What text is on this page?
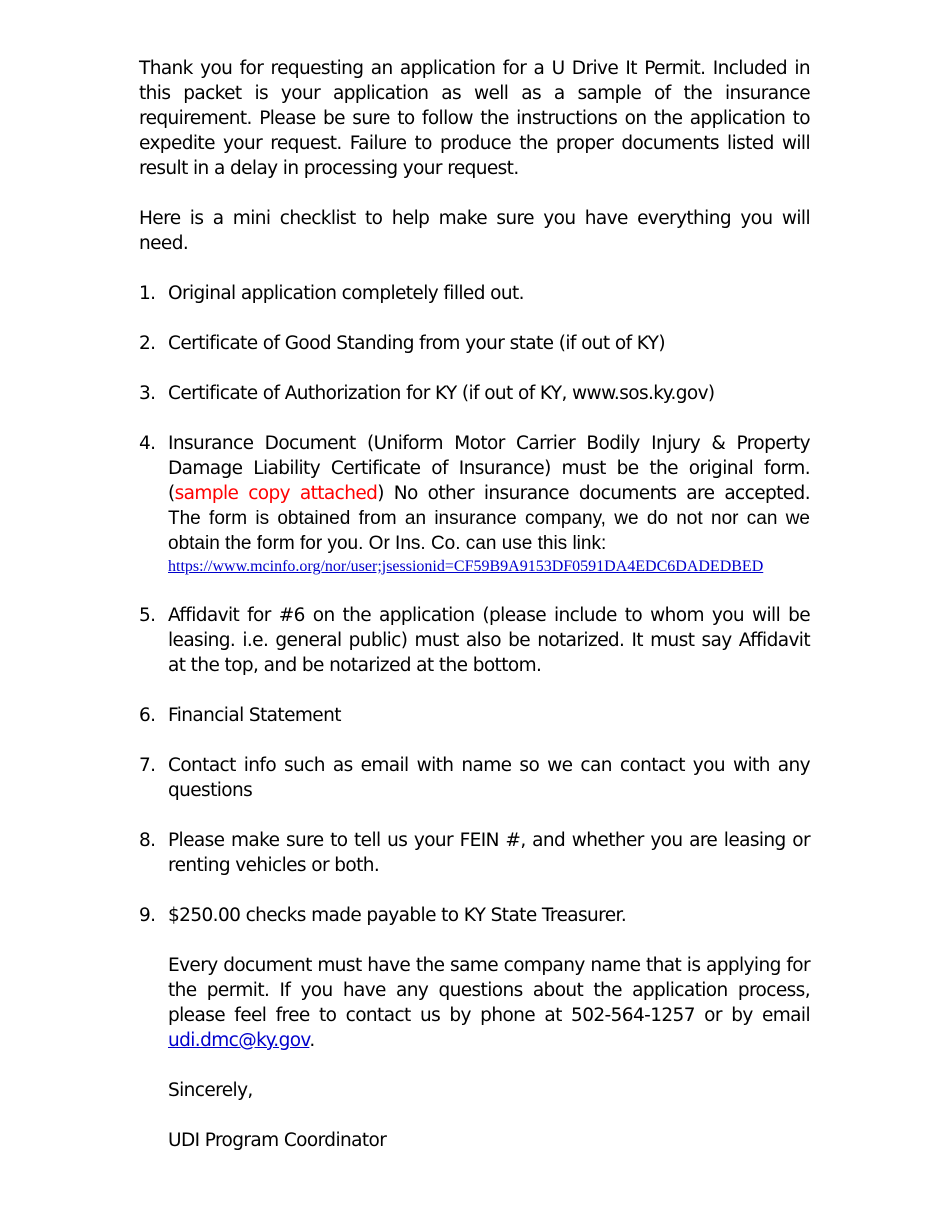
Thank you for requesting an application for a U Drive It Permit. Included in this packet is your application as well as a sample of the insurance requirement. Please be sure to follow the instructions on the application to expedite your request. Failure to produce the proper documents listed will result in a delay in processing your request.

Here is a mini checklist to help make sure you have everything you will need.

1. Original application completely filled out.
2. Certificate of Good Standing from your state (if out of KY)
3. Certificate of Authorization for KY (if out of KY, www.sos.ky.gov)
4. Insurance Document (Uniform Motor Carrier Bodily Injury & Property Damage Liability Certificate of Insurance) must be the original form. (sample copy attached) No other insurance documents are accepted. The form is obtained from an insurance company, we do not nor can we obtain the form for you. Or Ins. Co. can use this link:
https://www.mcinfo.org/nor/user;jsessionid=CF59B9A9153DF0591DA4EDC6DADEDBED
5. Affidavit for #6 on the application (please include to whom you will be leasing. i.e. general public) must also be notarized. It must say Affidavit at the top, and be notarized at the bottom.
6. Financial Statement
7. Contact info such as email with name so we can contact you with any questions
8. Please make sure to tell us your FEIN #, and whether you are leasing or renting vehicles or both.
9. $250.00 checks made payable to KY State Treasurer.

Every document must have the same company name that is applying for the permit. If you have any questions about the application process, please feel free to contact us by phone at 502-564-1257 or by email udi.dmc@ky.gov.

Sincerely,

UDI Program Coordinator
